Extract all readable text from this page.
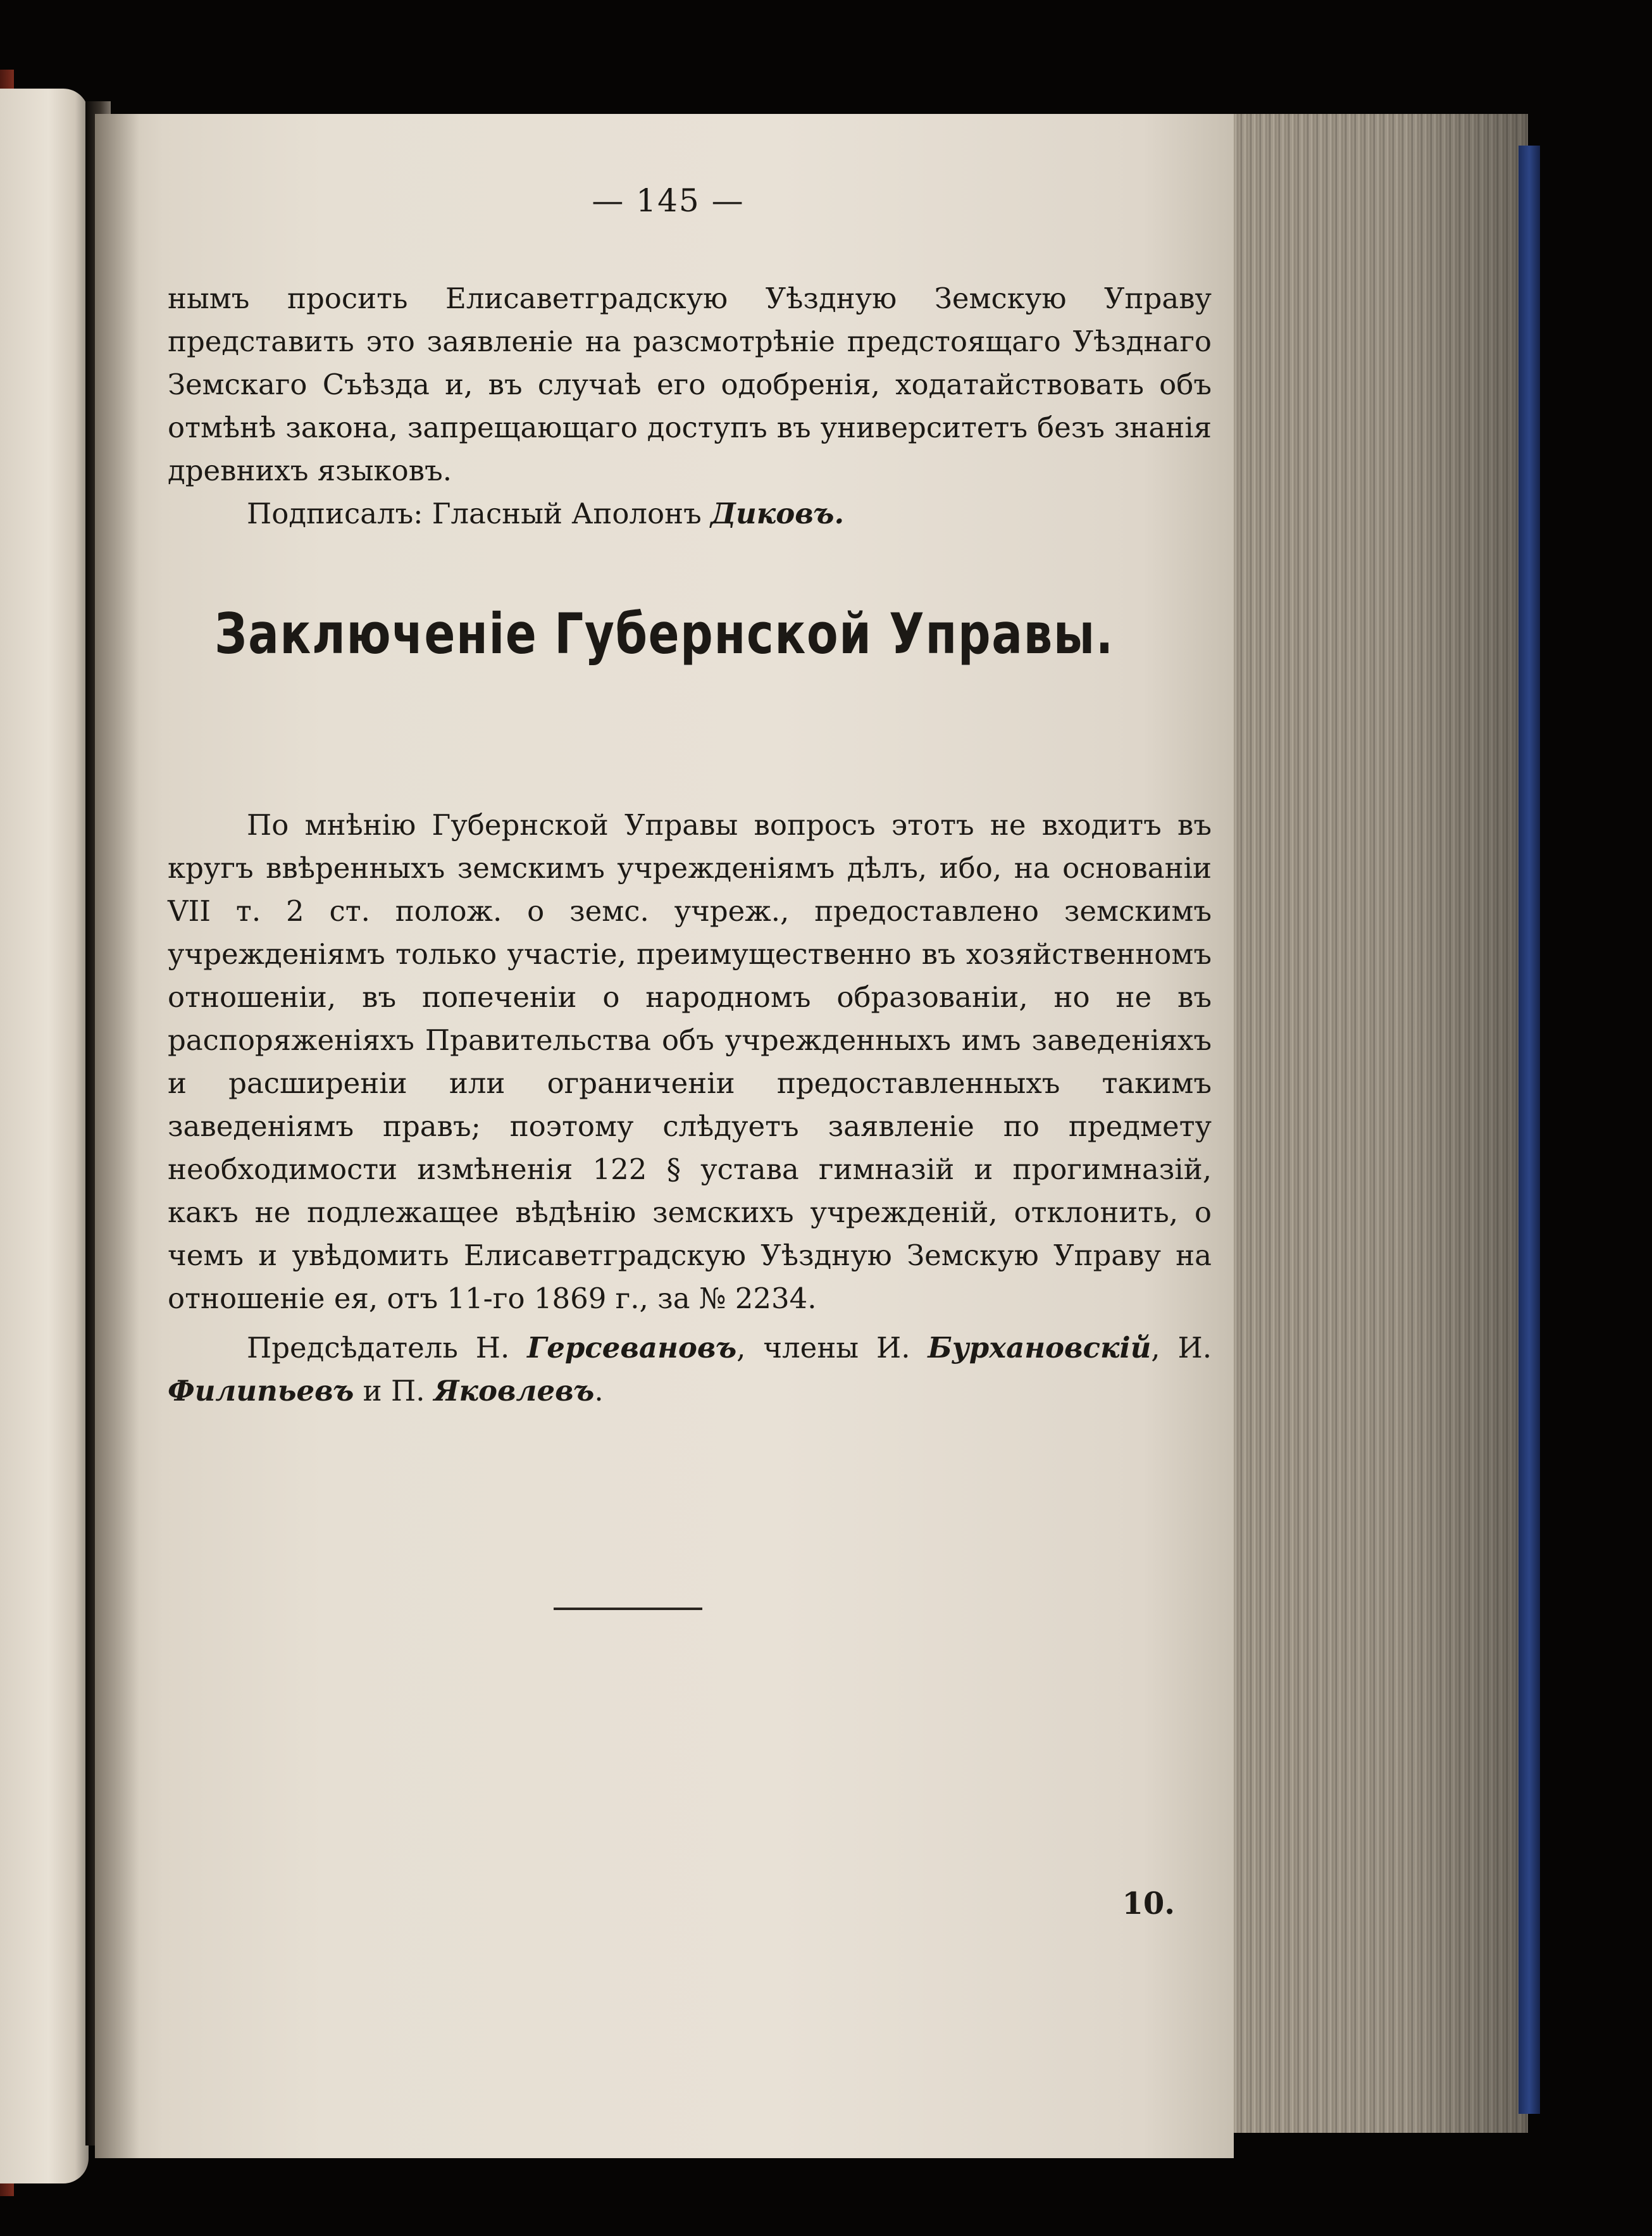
— 145 —

нымъ просить Елисаветградскую Уѣздную Земскую Управу представить это заявленіе на разсмотрѣніе предстоящаго Уѣзднаго Земскаго Съѣзда и, въ случаѣ его одобренія, ходатайствовать объ отмѣнѣ закона, запрещающаго доступъ въ университетъ безъ знанія древнихъ языковъ.

Подписалъ: Гласный Аполонъ Диковъ.

Заключеніе Губернской Управы.

По мнѣнію Губернской Управы вопросъ этотъ не входитъ въ кругъ ввѣренныхъ земскимъ учрежденіямъ дѣлъ, ибо, на основаніи VII т. 2 ст. полож. о земс. учреж., предоставлено земскимъ учрежденіямъ только участіе, преимущественно въ хозяйственномъ отношеніи, въ попеченіи о народномъ образованіи, но не въ распоряженіяхъ Правительства объ учрежденныхъ имъ заведеніяхъ и расширеніи или ограниченіи предоставленныхъ такимъ заведеніямъ правъ; поэтому слѣдуетъ заявленіе по предмету необходимости измѣненія 122 § устава гимназій и прогимназій, какъ не подлежащее вѣдѣнію земскихъ учрежденій, отклонить, о чемъ и увѣдомить Елисаветградскую Уѣздную Земскую Управу на отношеніе ея, отъ 11-го 1869 г., за № 2234.

Предсѣдатель Н. Герсевановъ, члены И. Бурхановскій, И. Филипьевъ и П. Яковлевъ.

10.
